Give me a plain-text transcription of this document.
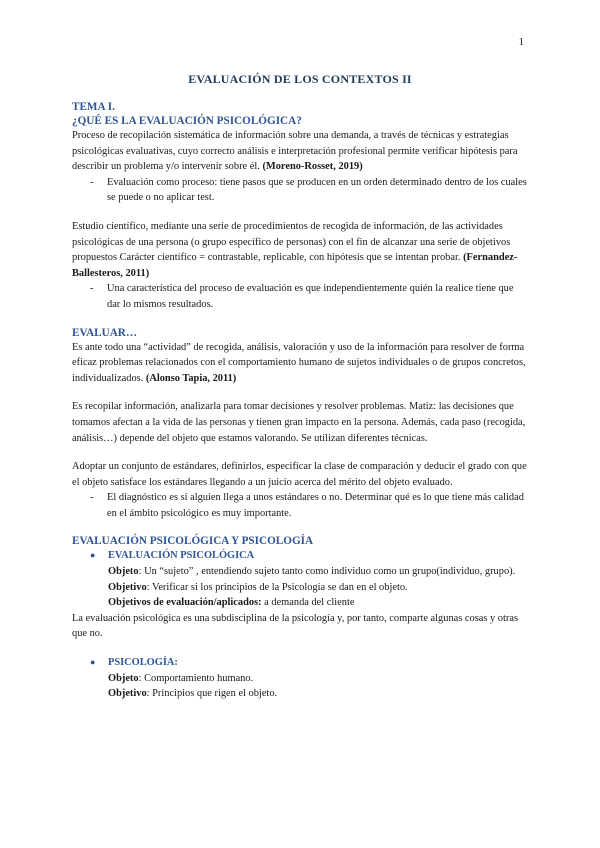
1
EVALUACIÓN DE LOS CONTEXTOS II
TEMA I.
¿QUÉ ES LA EVALUACIÓN PSICOLÓGICA?

Proceso de recopilación sistemática de información sobre una demanda, a través de técnicas y estrategias psicológicas evaluativas, cuyo correcto análisis e interpretación profesional permite verificar hipótesis para describir un problema y/o intervenir sobre él. (Moreno-Rosset, 2019)

- Evaluación como proceso: tiene pasos que se producen en un orden determinado dentro de los cuales se puede o no aplicar test.

Estudio científico, mediante una serie de procedimientos de recogida de información, de las actividades psicológicas de una persona (o grupo específico de personas) con el fin de alcanzar una serie de objetivos propuestos Carácter científico = contrastable, replicable, con hipótesis que se intentan probar. (Fernandez-Ballesteros, 2011)

- Una característica del proceso de evaluación es que independientemente quién la realice tiene que dar lo mismos resultados.
EVALUAR…

Es ante todo una “actividad” de recogida, análisis, valoración y uso de la información para resolver de forma eficaz problemas relacionados con el comportamiento humano de sujetos individuales o de grupos concretos, individualizados. (Alonso Tapia, 2011)

Es recopilar información, analizarla para tomar decisiones y resolver problemas. Matiz: las decisiones que tomamos afectan a la vida de las personas y tienen gran impacto en la persona. Además, cada paso (recogida, análisis…) depende del objeto que estamos valorando. Se utilizan diferentes técnicas.

Adoptar un conjunto de estándares, definirlos, especificar la clase de comparación y deducir el grado con que el objeto satisface los estándares llegando a un juicio acerca del mérito del objeto evaluado.

- El diagnóstico es si alguien llega a unos estándares o no. Determinar qué es lo que tiene más calidad en el ámbito psicológico es muy importante.
EVALUACIÓN PSICOLÓGICA Y PSICOLOGÍA
● EVALUACIÓN PSICOLÓGICA
Objeto: Un “sujeto” , entendiendo sujeto tanto como individuo como un grupo(individuo, grupo).
Objetivo: Verificar si los principios de la Psicología se dan en el objeto.
Objetivos de evaluación/aplicados: a demanda del cliente

La evaluación psicológica es una subdisciplina de la psicología y, por tanto, comparte algunas cosas y otras que no.

● PSICOLOGÍA:
Objeto: Comportamiento humano.
Objetivo: Principios que rigen el objeto.
